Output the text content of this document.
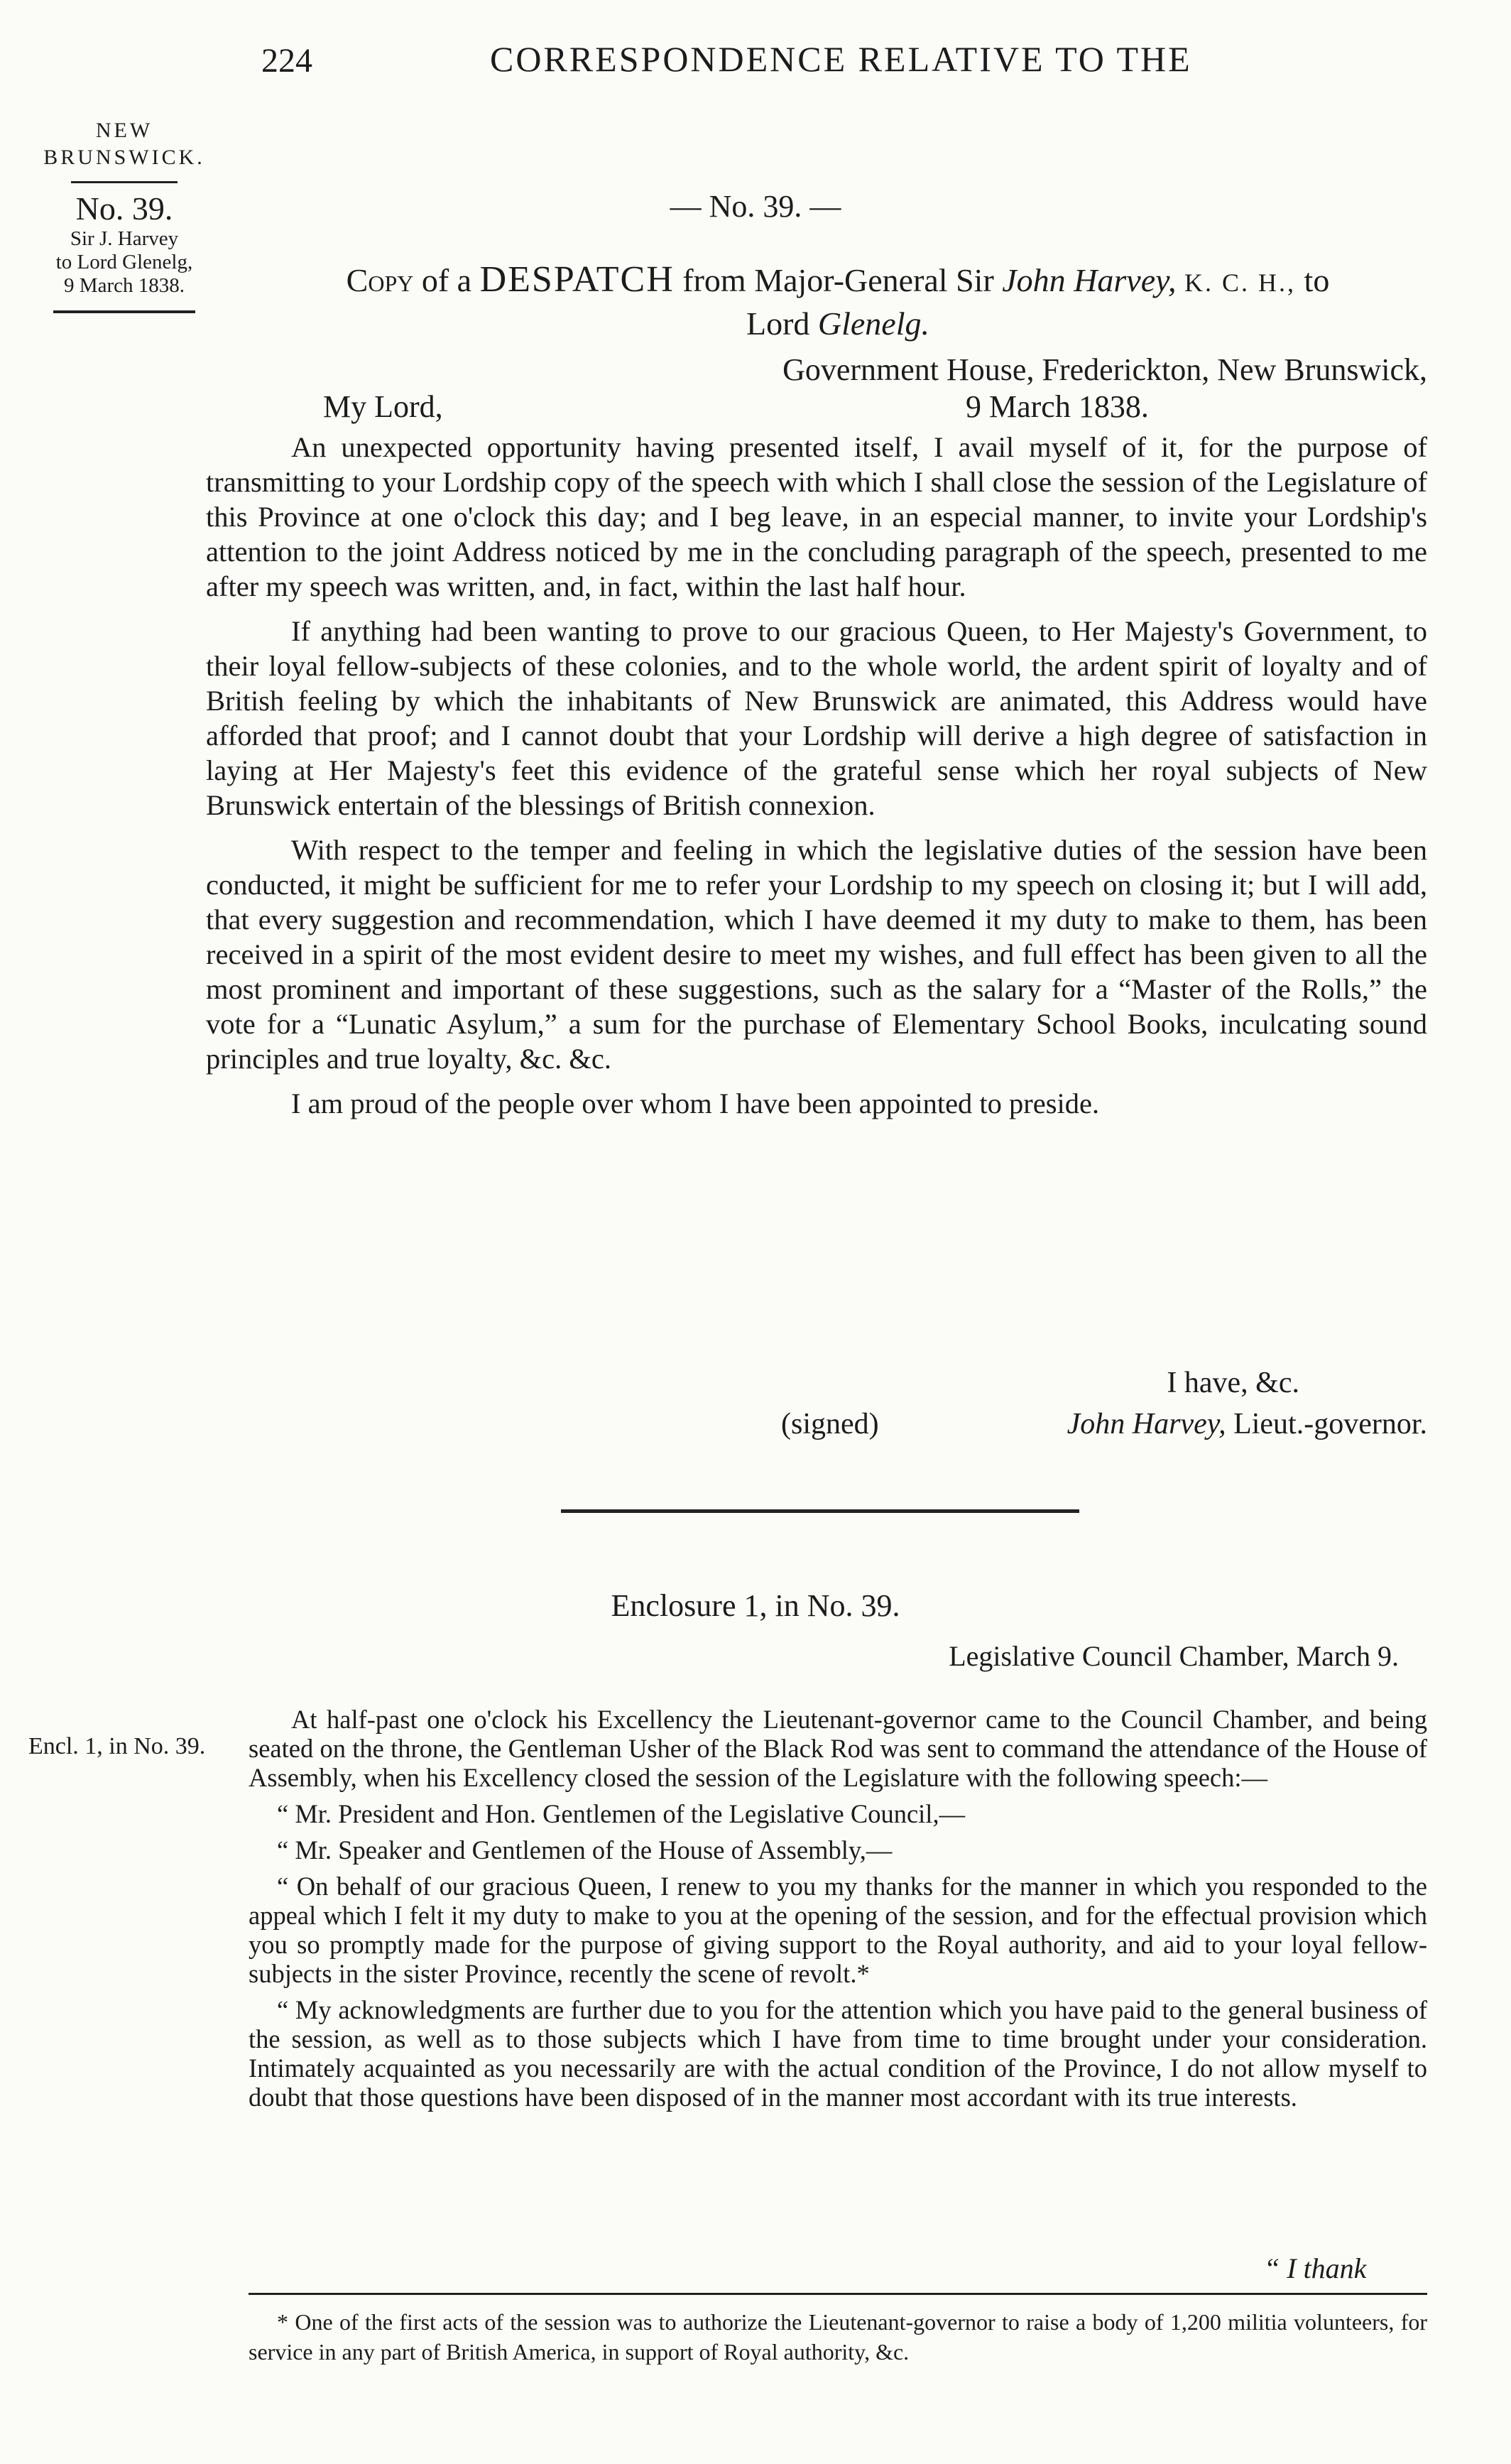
224	CORRESPONDENCE RELATIVE TO THE
NEW
BRUNSWICK.
No. 39.
Sir J. Harvey
to Lord Glenelg,
9 March 1838.
— No. 39. —
Copy of a DESPATCH from Major-General Sir John Harvey, K. C. H., to
Lord Glenelg.
Government House, Frederickton, New Brunswick,
My Lord,	9 March 1838.

An unexpected opportunity having presented itself, I avail myself of it, for the purpose of transmitting to your Lordship copy of the speech with which I shall close the session of the Legislature of this Province at one o'clock this day; and I beg leave, in an especial manner, to invite your Lordship's attention to the joint Address noticed by me in the concluding paragraph of the speech, presented to me after my speech was written, and, in fact, within the last half hour.

If anything had been wanting to prove to our gracious Queen, to Her Majesty's Government, to their loyal fellow-subjects of these colonies, and to the whole world, the ardent spirit of loyalty and of British feeling by which the inhabitants of New Brunswick are animated, this Address would have afforded that proof; and I cannot doubt that your Lordship will derive a high degree of satisfaction in laying at Her Majesty's feet this evidence of the grateful sense which her royal subjects of New Brunswick entertain of the blessings of British connexion.

With respect to the temper and feeling in which the legislative duties of the session have been conducted, it might be sufficient for me to refer your Lordship to my speech on closing it; but I will add, that every suggestion and recommendation, which I have deemed it my duty to make to them, has been received in a spirit of the most evident desire to meet my wishes, and full effect has been given to all the most prominent and important of these suggestions, such as the salary for a “Master of the Rolls,” the vote for a “Lunatic Asylum,” a sum for the purchase of Elementary School Books, inculcating sound principles and true loyalty, &c. &c.

I am proud of the people over whom I have been appointed to preside.

I have, &c.
(signed)	John Harvey, Lieut.-governor.
Enclosure 1, in No. 39.
Legislative Council Chamber, March 9.
Encl. 1, in No. 39.

At half-past one o'clock his Excellency the Lieutenant-governor came to the Council Chamber, and being seated on the throne, the Gentleman Usher of the Black Rod was sent to command the attendance of the House of Assembly, when his Excellency closed the session of the Legislature with the following speech:—

“ Mr. President and Hon. Gentlemen of the Legislative Council,—

“ Mr. Speaker and Gentlemen of the House of Assembly,—

“ On behalf of our gracious Queen, I renew to you my thanks for the manner in which you responded to the appeal which I felt it my duty to make to you at the opening of the session, and for the effectual provision which you so promptly made for the purpose of giving support to the Royal authority, and aid to your loyal fellow-subjects in the sister Province, recently the scene of revolt.*

“ My acknowledgments are further due to you for the attention which you have paid to the general business of the session, as well as to those subjects which I have from time to time brought under your consideration. Intimately acquainted as you necessarily are with the actual condition of the Province, I do not allow myself to doubt that those questions have been disposed of in the manner most accordant with its true interests.

“ I thank
* One of the first acts of the session was to authorize the Lieutenant-governor to raise a body of 1,200 militia volunteers, for service in any part of British America, in support of Royal authority, &c.
